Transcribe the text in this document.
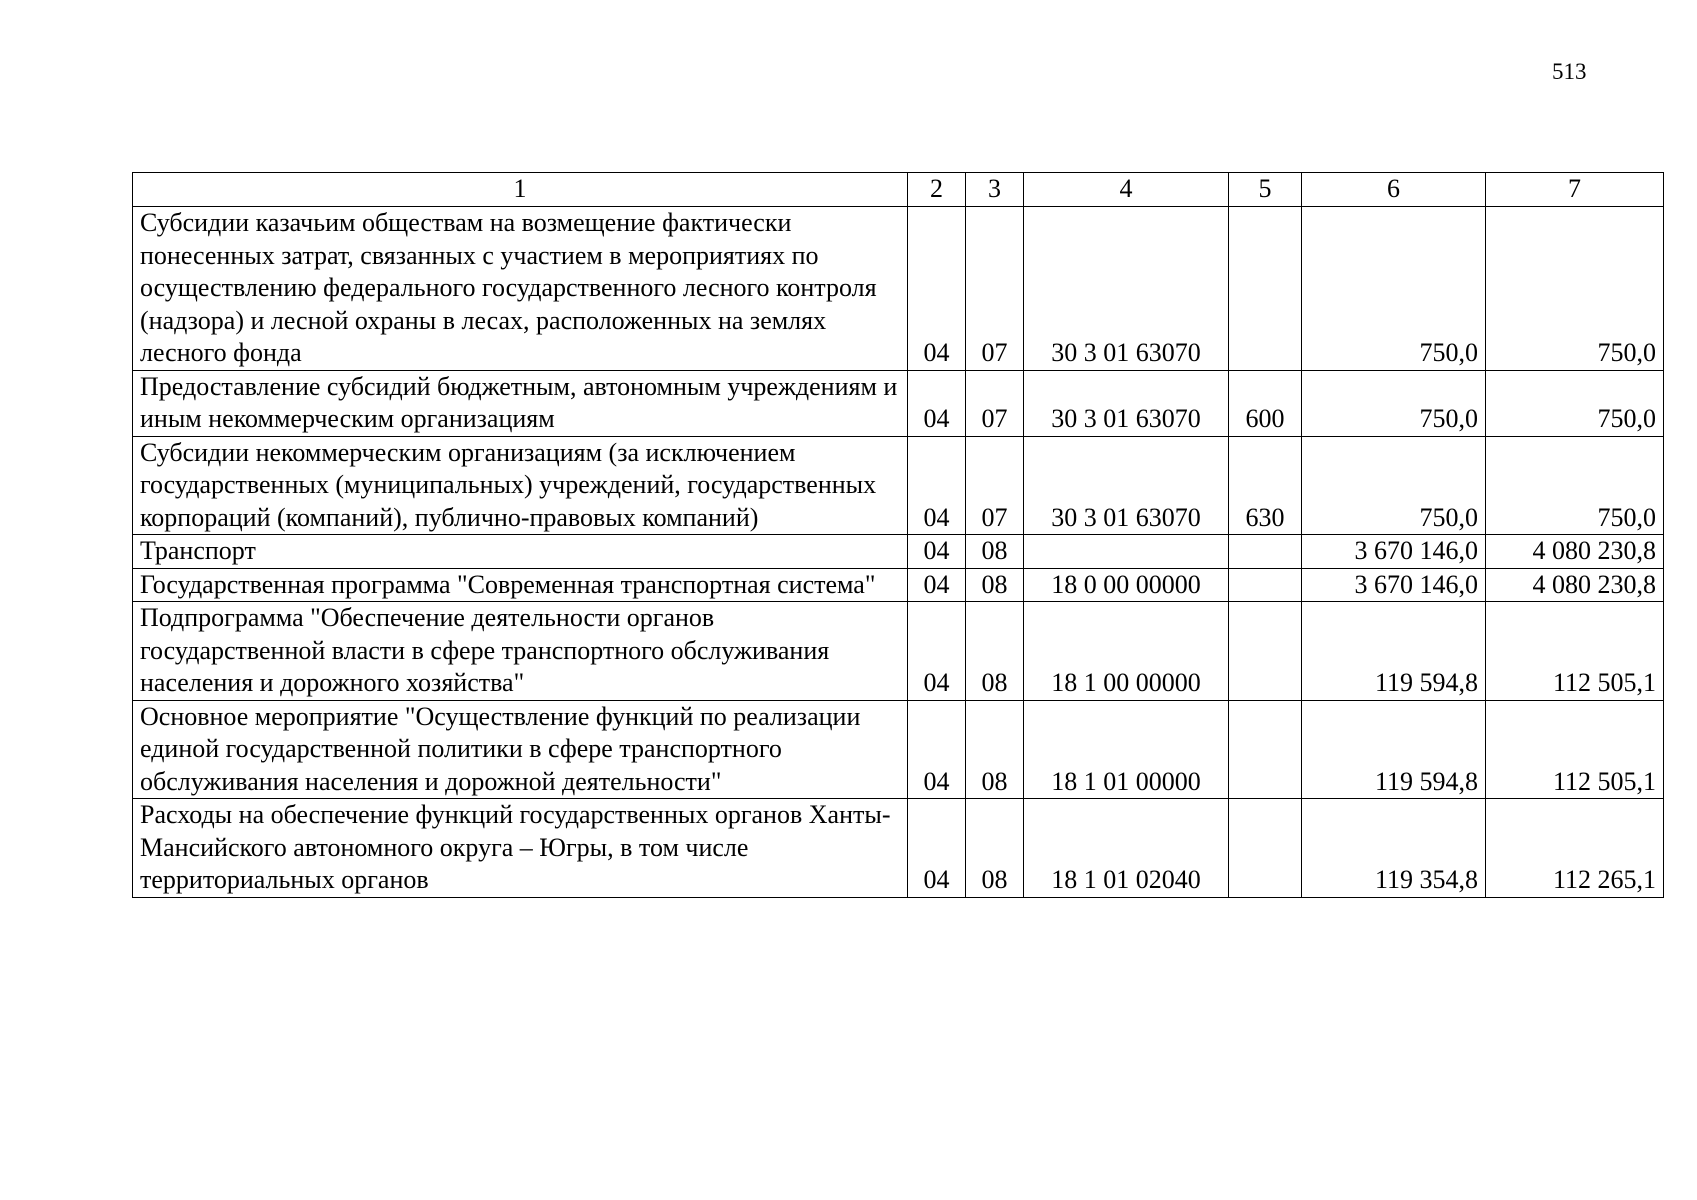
513
1	2	3	4	5	6	7
Субсидии казачьим обществам на возмещение фактически понесенных затрат, связанных с участием в мероприятиях по осуществлению федерального государственного лесного контроля (надзора) и лесной охраны в лесах, расположенных на землях лесного фонда	04	07	30 3 01 63070		750,0	750,0
Предоставление субсидий бюджетным, автономным учреждениям и иным некоммерческим организациям	04	07	30 3 01 63070	600	750,0	750,0
Субсидии некоммерческим организациям (за исключением государственных (муниципальных) учреждений, государственных корпораций (компаний), публично-правовых компаний)	04	07	30 3 01 63070	630	750,0	750,0
Транспорт	04	08			3 670 146,0	4 080 230,8
Государственная программа "Современная транспортная система"	04	08	18 0 00 00000		3 670 146,0	4 080 230,8
Подпрограмма "Обеспечение деятельности органов государственной власти в сфере транспортного обслуживания населения и дорожного хозяйства"	04	08	18 1 00 00000		119 594,8	112 505,1
Основное мероприятие "Осуществление функций по реализации единой государственной политики в сфере транспортного обслуживания населения и дорожной деятельности"	04	08	18 1 01 00000		119 594,8	112 505,1
Расходы на обеспечение функций государственных органов Ханты-Мансийского автономного округа – Югры, в том числе территориальных органов	04	08	18 1 01 02040		119 354,8	112 265,1
